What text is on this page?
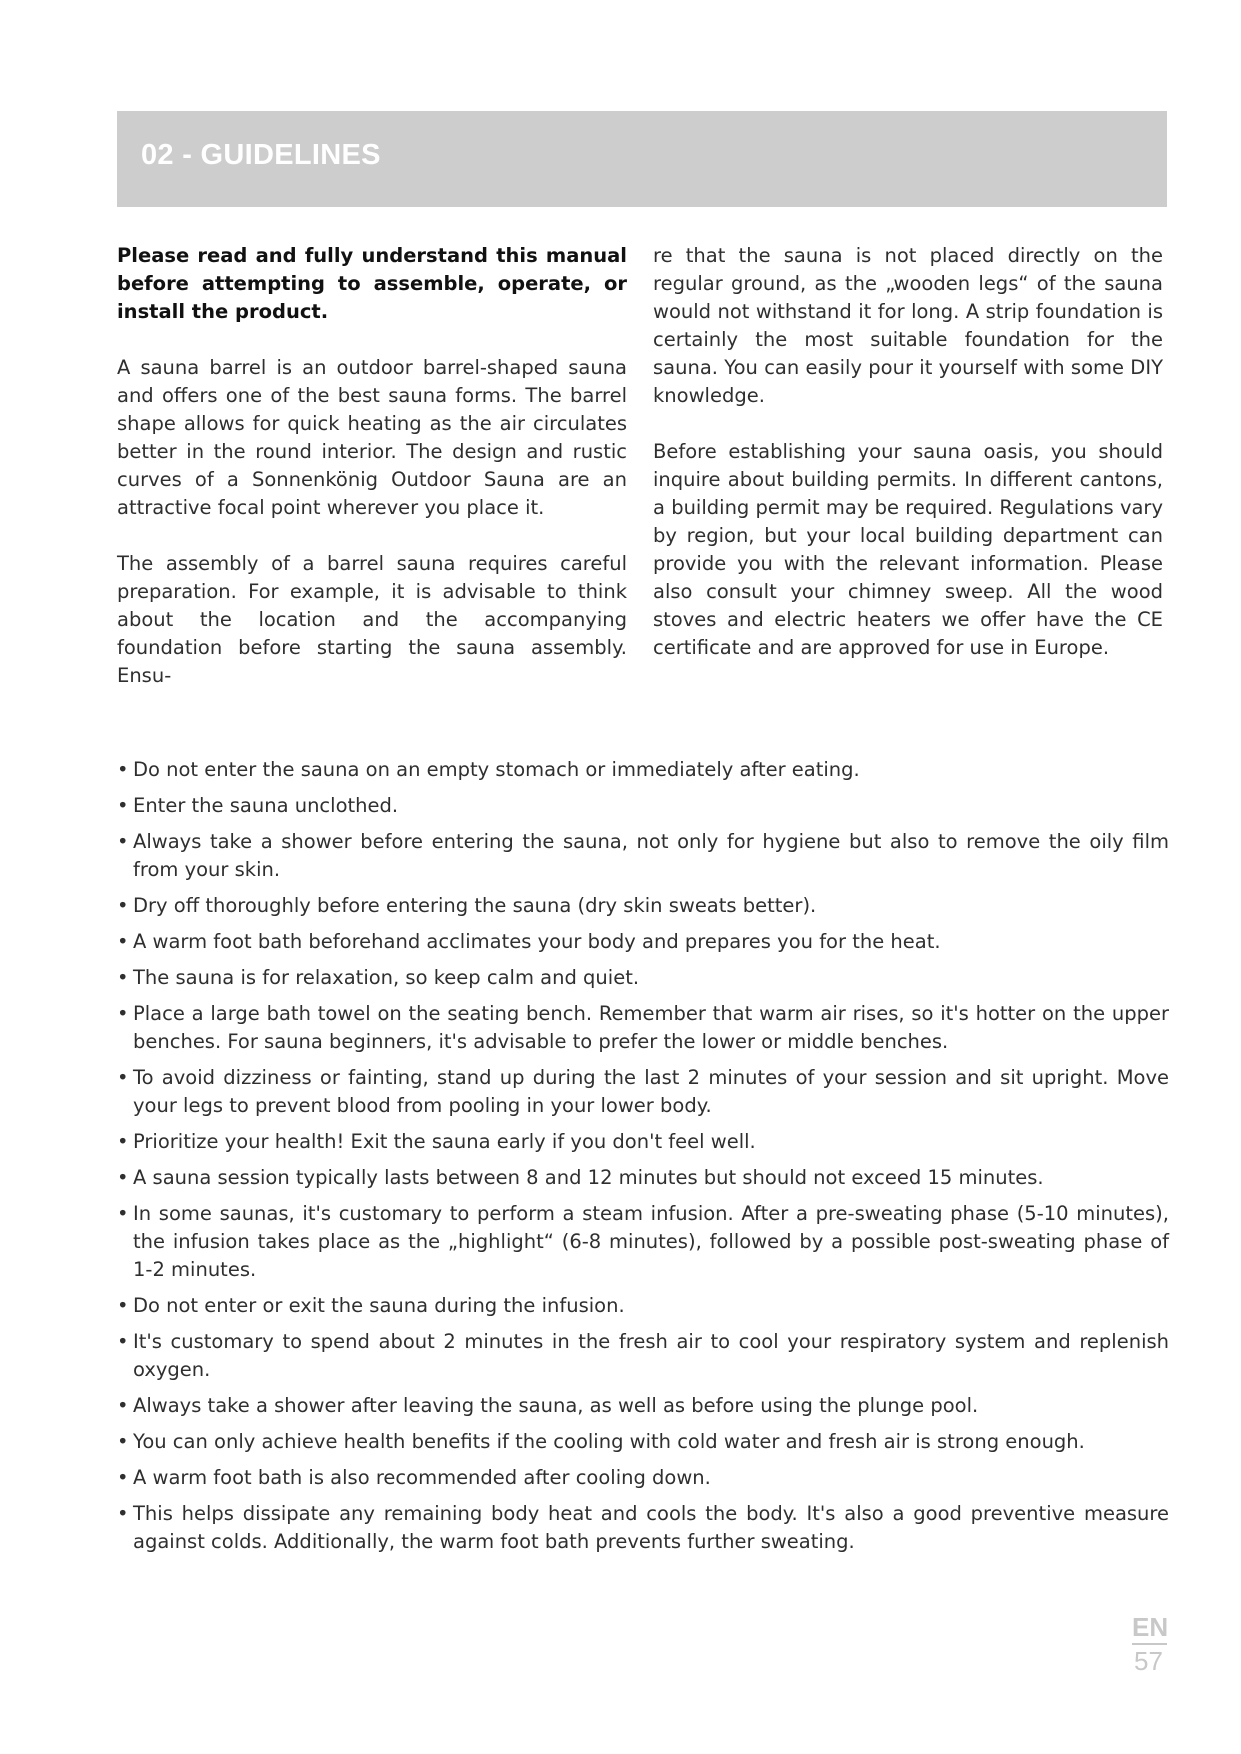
02 - GUIDELINES

Please read and fully understand this manual before attempting to assemble, operate, or install the product.

A sauna barrel is an outdoor barrel-shaped sauna and offers one of the best sauna forms. The barrel shape allows for quick heating as the air circulates better in the round interior. The design and rustic curves of a Sonnenkönig Outdoor Sauna are an attractive focal point wherever you place it.

The assembly of a barrel sauna requires careful preparation. For example, it is advisable to think about the location and the accompanying foundation before starting the sauna assembly. Ensu-

re that the sauna is not placed directly on the regular ground, as the „wooden legs“ of the sauna would not withstand it for long. A strip foundation is certainly the most suitable foundation for the sauna. You can easily pour it yourself with some DIY knowledge.

Before establishing your sauna oasis, you should inquire about building permits. In different cantons, a building permit may be required. Regulations vary by region, but your local building department can provide you with the relevant information. Please also consult your chimney sweep. All the wood stoves and electric heaters we offer have the CE certificate and are approved for use in Europe.

• Do not enter the sauna on an empty stomach or immediately after eating.
• Enter the sauna unclothed.
• Always take a shower before entering the sauna, not only for hygiene but also to remove the oily film from your skin.
• Dry off thoroughly before entering the sauna (dry skin sweats better).
• A warm foot bath beforehand acclimates your body and prepares you for the heat.
• The sauna is for relaxation, so keep calm and quiet.
• Place a large bath towel on the seating bench. Remember that warm air rises, so it's hotter on the upper benches. For sauna beginners, it's advisable to prefer the lower or middle benches.
• To avoid dizziness or fainting, stand up during the last 2 minutes of your session and sit upright. Move your legs to prevent blood from pooling in your lower body.
• Prioritize your health! Exit the sauna early if you don't feel well.
• A sauna session typically lasts between 8 and 12 minutes but should not exceed 15 minutes.
• In some saunas, it's customary to perform a steam infusion. After a pre-sweating phase (5-10 minutes), the infusion takes place as the „highlight“ (6-8 minutes), followed by a possible post-sweating phase of 1-2 minutes.
• Do not enter or exit the sauna during the infusion.
• It's customary to spend about 2 minutes in the fresh air to cool your respiratory system and replenish oxygen.
• Always take a shower after leaving the sauna, as well as before using the plunge pool.
• You can only achieve health benefits if the cooling with cold water and fresh air is strong enough.
• A warm foot bath is also recommended after cooling down.
• This helps dissipate any remaining body heat and cools the body. It's also a good preventive measure against colds. Additionally, the warm foot bath prevents further sweating.
EN
57
